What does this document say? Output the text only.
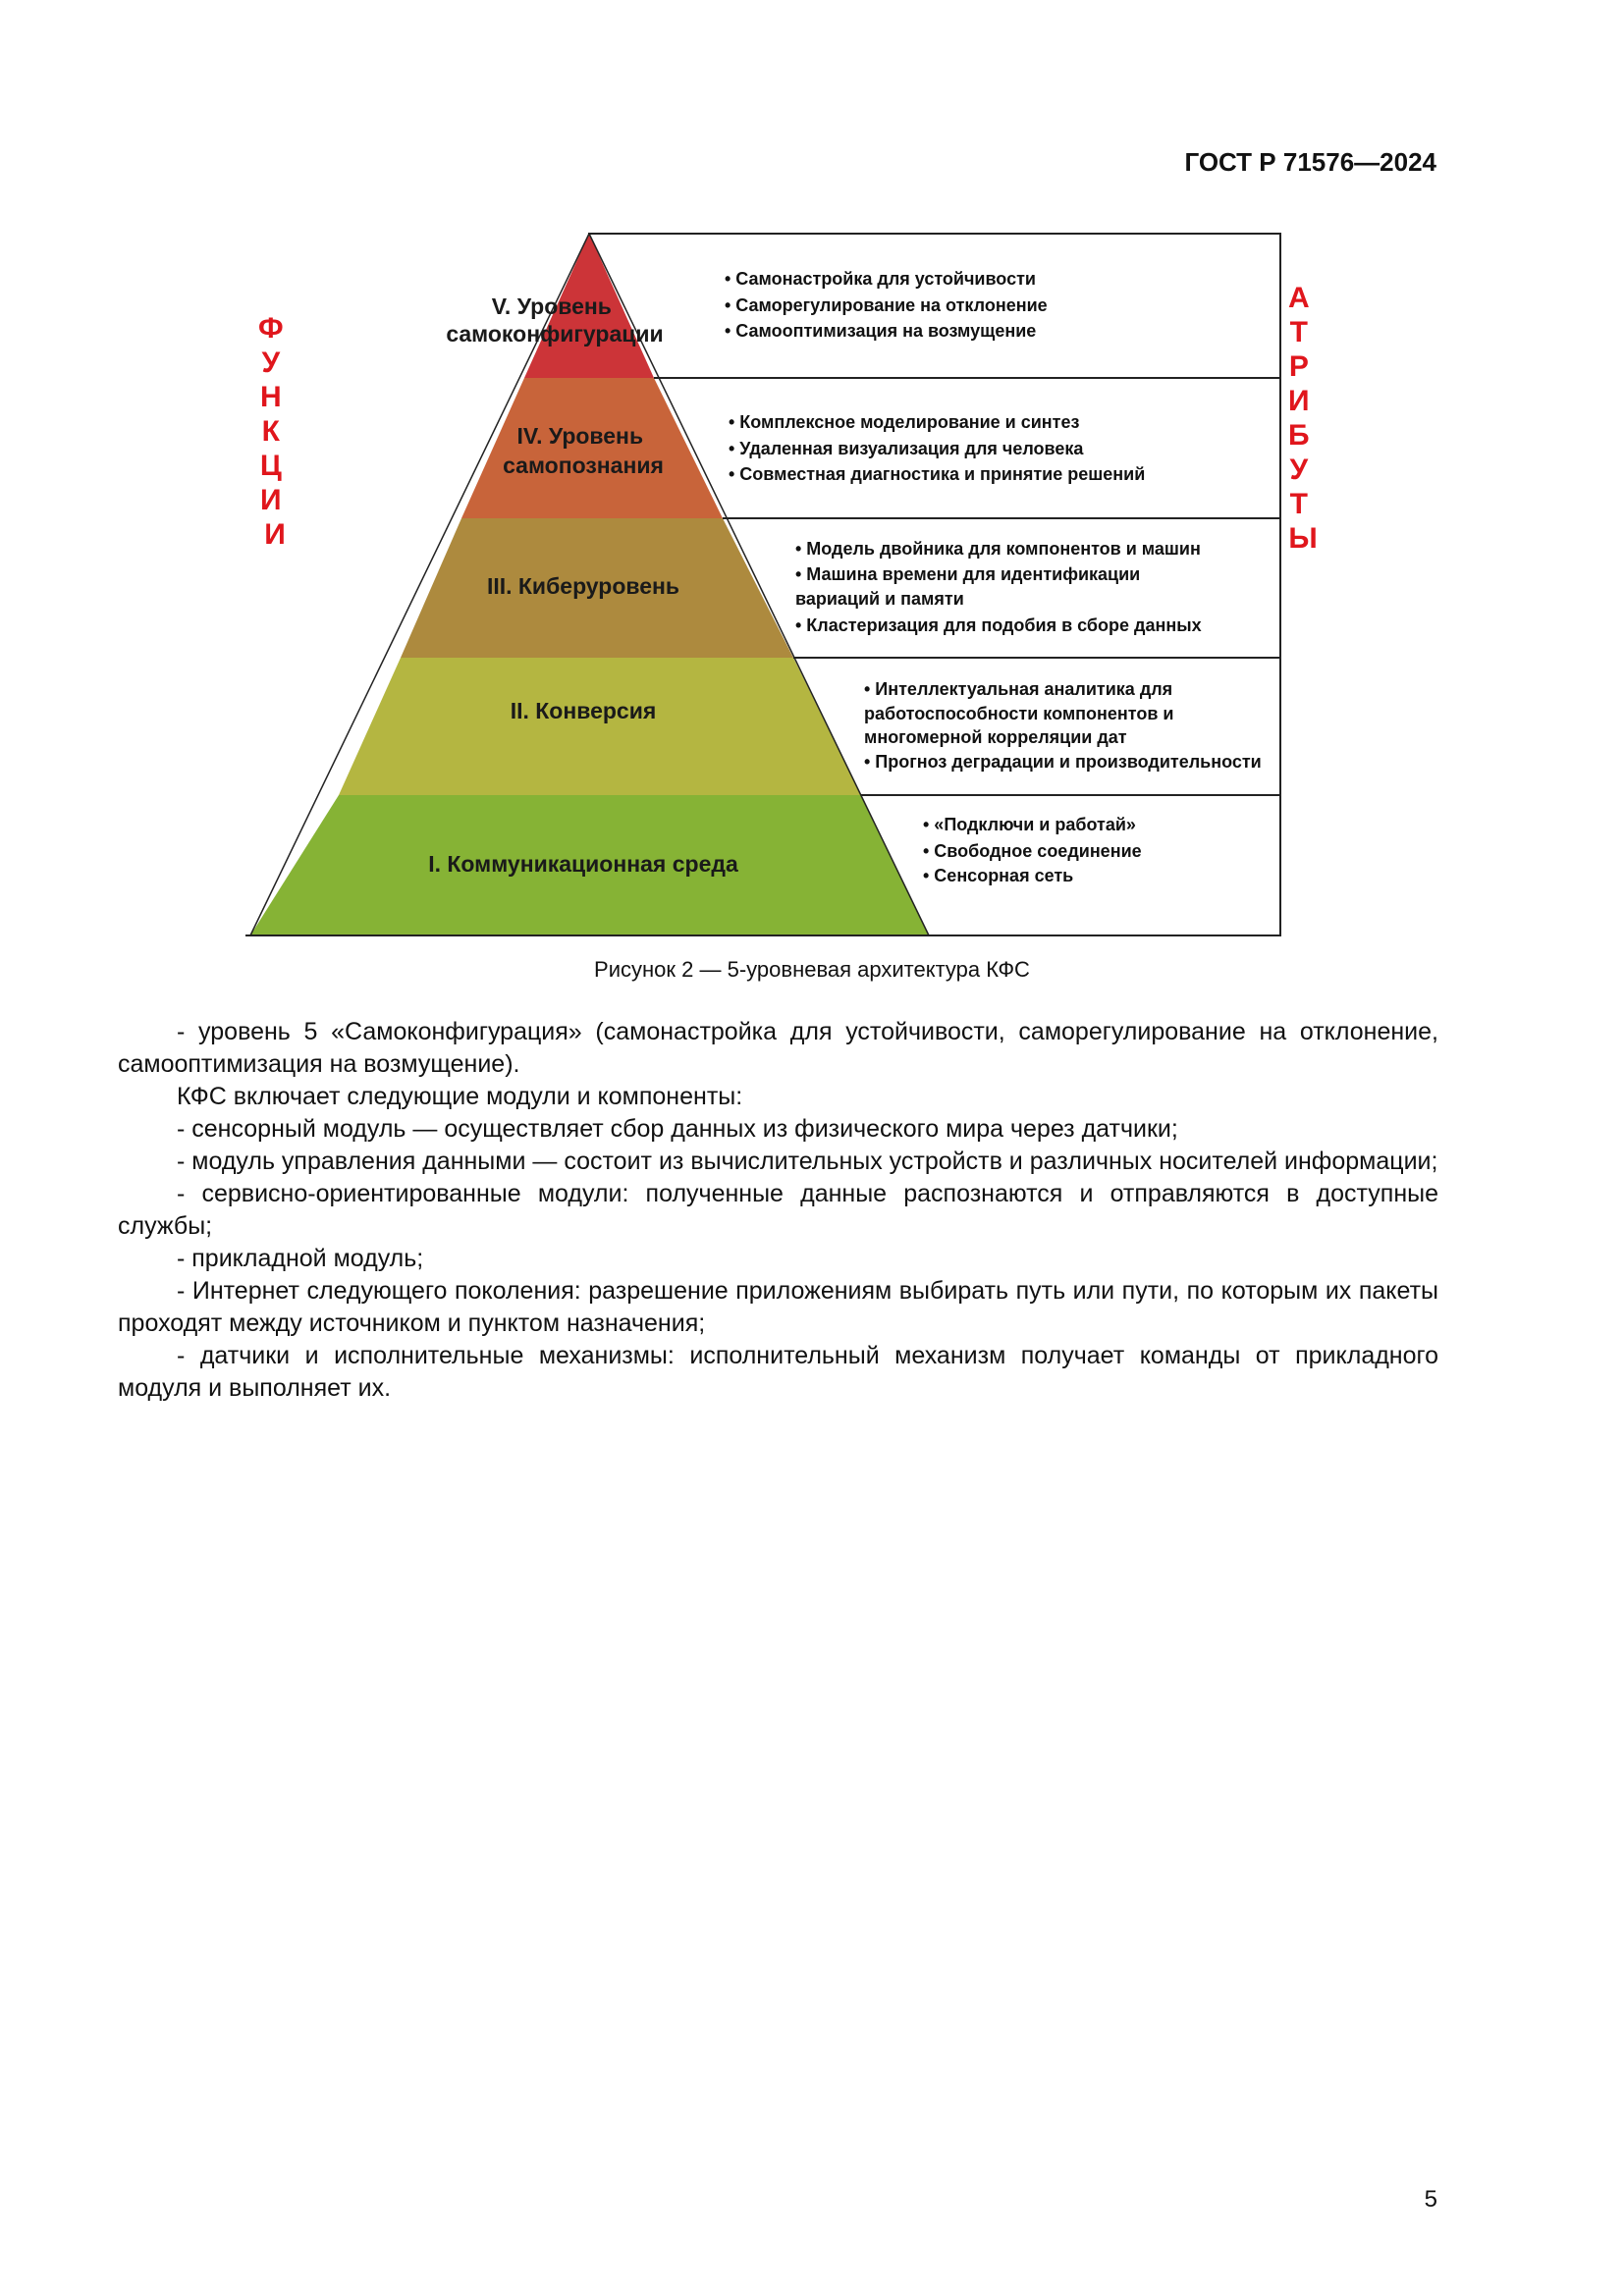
ГОСТ Р 71576—2024
V. Уровень самоконфигурации
IV. Уровень самопознания
III. Киберуровень
II. Конверсия
I. Коммуникационная среда
• Самонастройка для устойчивости • Саморегулирование на отклонение • Самооптимизация на возмущение
• Комплексное моделирование и синтез • Удаленная визуализация для человека • Совместная диагностика и принятие решений
• Модель двойника для компонентов и машин • Машина времени для идентификации вариаций и памяти • Кластеризация для подобия в сборе данных
• Интеллектуальная аналитика для работоспособности компонентов и многомерной корреляции дат • Прогноз деградации и производительности
• «Подключи и работай» • Свободное соединение • Сенсорная сеть
Ф У Н К Ц И И
А Т Р И Б У Т Ы
Рисунок 2 — 5-уровневая архитектура КФС

- уровень 5 «Самоконфигурация» (самонастройка для устойчивости, саморегулирование на отклонение, самооптимизация на возмущение).

КФС включает следующие модули и компоненты:

- сенсорный модуль — осуществляет сбор данных из физического мира через датчики;

- модуль управления данными — состоит из вычислительных устройств и различных носителей информации;

- сервисно-ориентированные модули: полученные данные распознаются и отправляются в доступные службы;

- прикладной модуль;

- Интернет следующего поколения: разрешение приложениям выбирать путь или пути, по которым их пакеты проходят между источником и пунктом назначения;

- датчики и исполнительные механизмы: исполнительный механизм получает команды от прикладного модуля и выполняет их.

5
